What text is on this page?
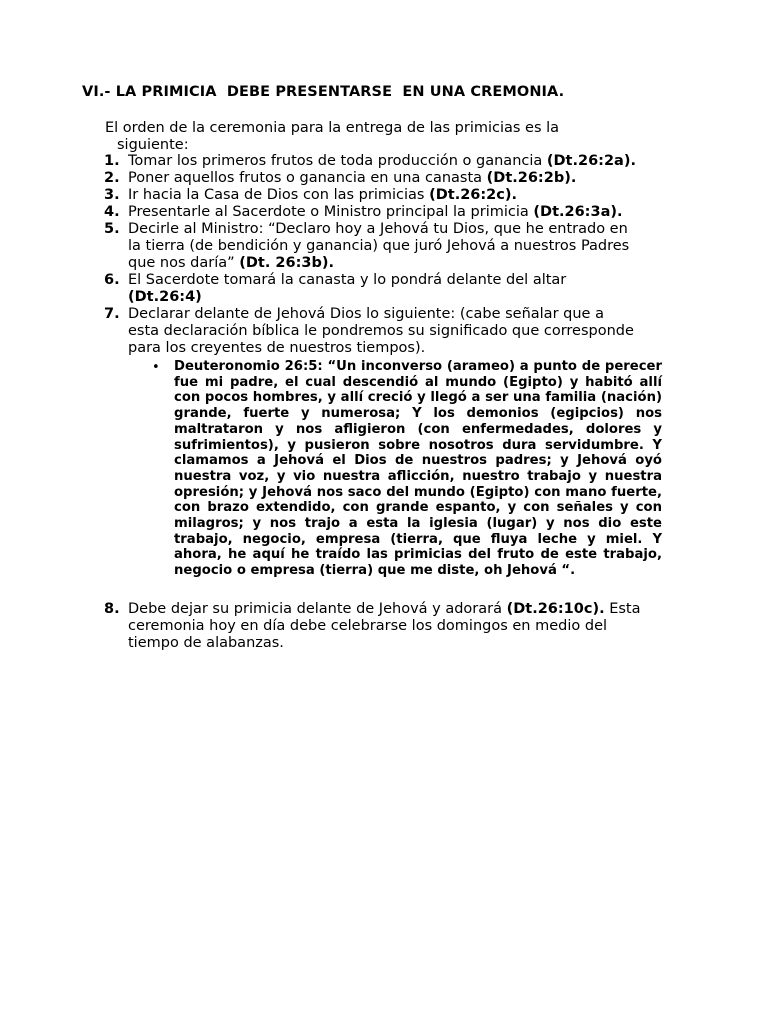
VI.- LA PRIMICIA  DEBE PRESENTARSE  EN UNA CREMONIA.
El orden de la ceremonia para la entrega de las primicias es la
siguiente:
1. Tomar los primeros frutos de toda producción o ganancia (Dt.26:2a).
2. Poner aquellos frutos o ganancia en una canasta (Dt.26:2b).
3. Ir hacia la Casa de Dios con las primicias (Dt.26:2c).
4. Presentarle al Sacerdote o Ministro principal la primicia (Dt.26:3a).
5. Decirle al Ministro: “Declaro hoy a Jehová tu Dios, que he entrado en
la tierra (de bendición y ganancia) que juró Jehová a nuestros Padres
que nos daría” (Dt. 26:3b).
6. El Sacerdote tomará la canasta y lo pondrá delante del altar
(Dt.26:4)
7. Declarar delante de Jehová Dios lo siguiente: (cabe señalar que a
esta declaración bíblica le pondremos su significado que corresponde
para los creyentes de nuestros tiempos).
• Deuteronomio 26:5: “Un inconverso (arameo) a punto de perecer fue mi padre, el cual descendió al mundo (Egipto) y habitó allí con pocos hombres, y allí creció y llegó a ser una familia (nación) grande, fuerte y numerosa; Y los demonios (egipcios) nos maltrataron y nos afligieron (con enfermedades, dolores y sufrimientos), y pusieron sobre nosotros dura servidumbre. Y clamamos a Jehová el Dios de nuestros padres; y Jehová oyó nuestra voz, y vio nuestra aflicción, nuestro trabajo y nuestra opresión; y Jehová nos saco del mundo (Egipto) con mano fuerte, con brazo extendido, con grande espanto, y con señales y con milagros; y nos trajo a esta la iglesia (lugar) y nos dio este trabajo, negocio, empresa (tierra, que fluya leche y miel. Y ahora, he aquí he traído las primicias del fruto de este trabajo, negocio o empresa (tierra) que me diste, oh Jehová “.
8. Debe dejar su primicia delante de Jehová y adorará (Dt.26:10c). Esta
ceremonia hoy en día debe celebrarse los domingos en medio del
tiempo de alabanzas.
